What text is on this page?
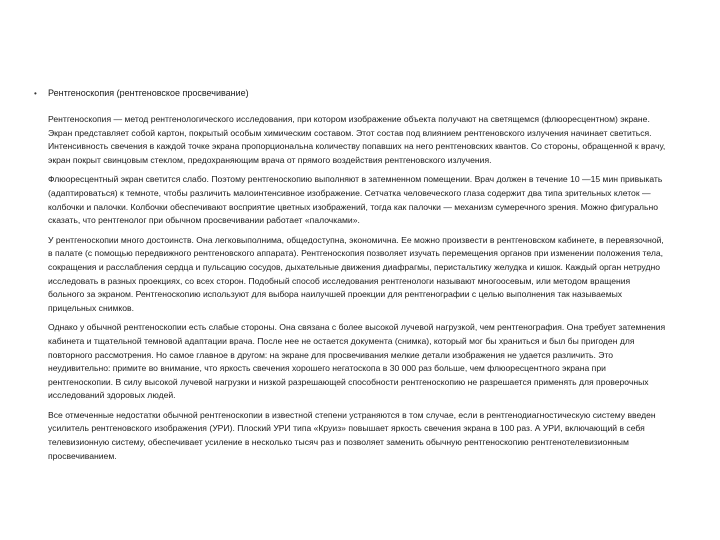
• Рентгеноскопия (рентгеновское просвечивание)

Рентгеноскопия — метод рентгенологического исследования, при котором изображение объекта получают на светящемся (флюоресцентном) экране. Экран представляет собой картон, покрытый особым химическим составом. Этот состав под влиянием рентгеновского излучения начинает светиться. Интенсивность свечения в каждой точке экрана пропорциональна количеству попавших на него рентгеновских квантов. Со стороны, обращенной к врачу, экран покрыт свинцовым стеклом, предохраняющим врача от прямого воздействия рентгеновского излучения.

Флюоресцентный экран светится слабо. Поэтому рентгеноскопию выполняют в затемненном помещении. Врач должен в течение 10 —15 мин привыкать (адаптироваться) к темноте, чтобы различить малоинтенсивное изображение. Сетчатка человеческого глаза содержит два типа зрительных клеток — колбочки и палочки. Колбочки обеспечивают восприятие цветных изображений, тогда как палочки — механизм сумеречного зрения. Можно фигурально сказать, что рентгенолог при обычном просвечивании работает «палочками».

У рентгеноскопии много достоинств. Она легковыполнима, общедоступна, экономична. Ее можно произвести в рентгеновском кабинете, в перевязочной, в палате (с помощью передвижного рентгеновского аппарата). Рентгеноскопия позволяет изучать перемещения органов при изменении положения тела, сокращения и расслабления сердца и пульсацию сосудов, дыхательные движения диафрагмы, перистальтику желудка и кишок. Каждый орган нетрудно исследовать в разных проекциях, со всех сторон. Подобный способ исследования рентгенологи называют многоосевым, или методом вращения больного за экраном. Рентгеноскопию используют для выбора наилучшей проекции для рентгенографии с целью выполнения так называемых прицельных снимков.

Однако у обычной рентгеноскопии есть слабые стороны. Она связана с более высокой лучевой нагрузкой, чем рентгенография. Она требует затемнения кабинета и тщательной темновой адаптации врача. После нее не остается документа (снимка), который мог бы храниться и был бы пригоден для повторного рассмотрения. Но самое главное в другом: на экране для просвечивания мелкие детали изображения не удается различить. Это неудивительно: примите во внимание, что яркость свечения хорошего негатоскопа в 30 000 раз больше, чем флюоресцентного экрана при рентгеноскопии. В силу высокой лучевой нагрузки и низкой разрешающей способности рентгеноскопию не разрешается применять для проверочных исследований здоровых людей.

Все отмеченные недостатки обычной рентгеноскопии в известной степени устраняются в том случае, если в рентгенодиагностическую систему введен усилитель рентгеновского изображения (УРИ). Плоский УРИ типа «Круиз» повышает яркость свечения экрана в 100 раз. А УРИ, включающий в себя телевизионную систему, обеспечивает усиление в несколько тысяч раз и позволяет заменить обычную рентгеноскопию рентгенотелевизионным просвечиванием.
